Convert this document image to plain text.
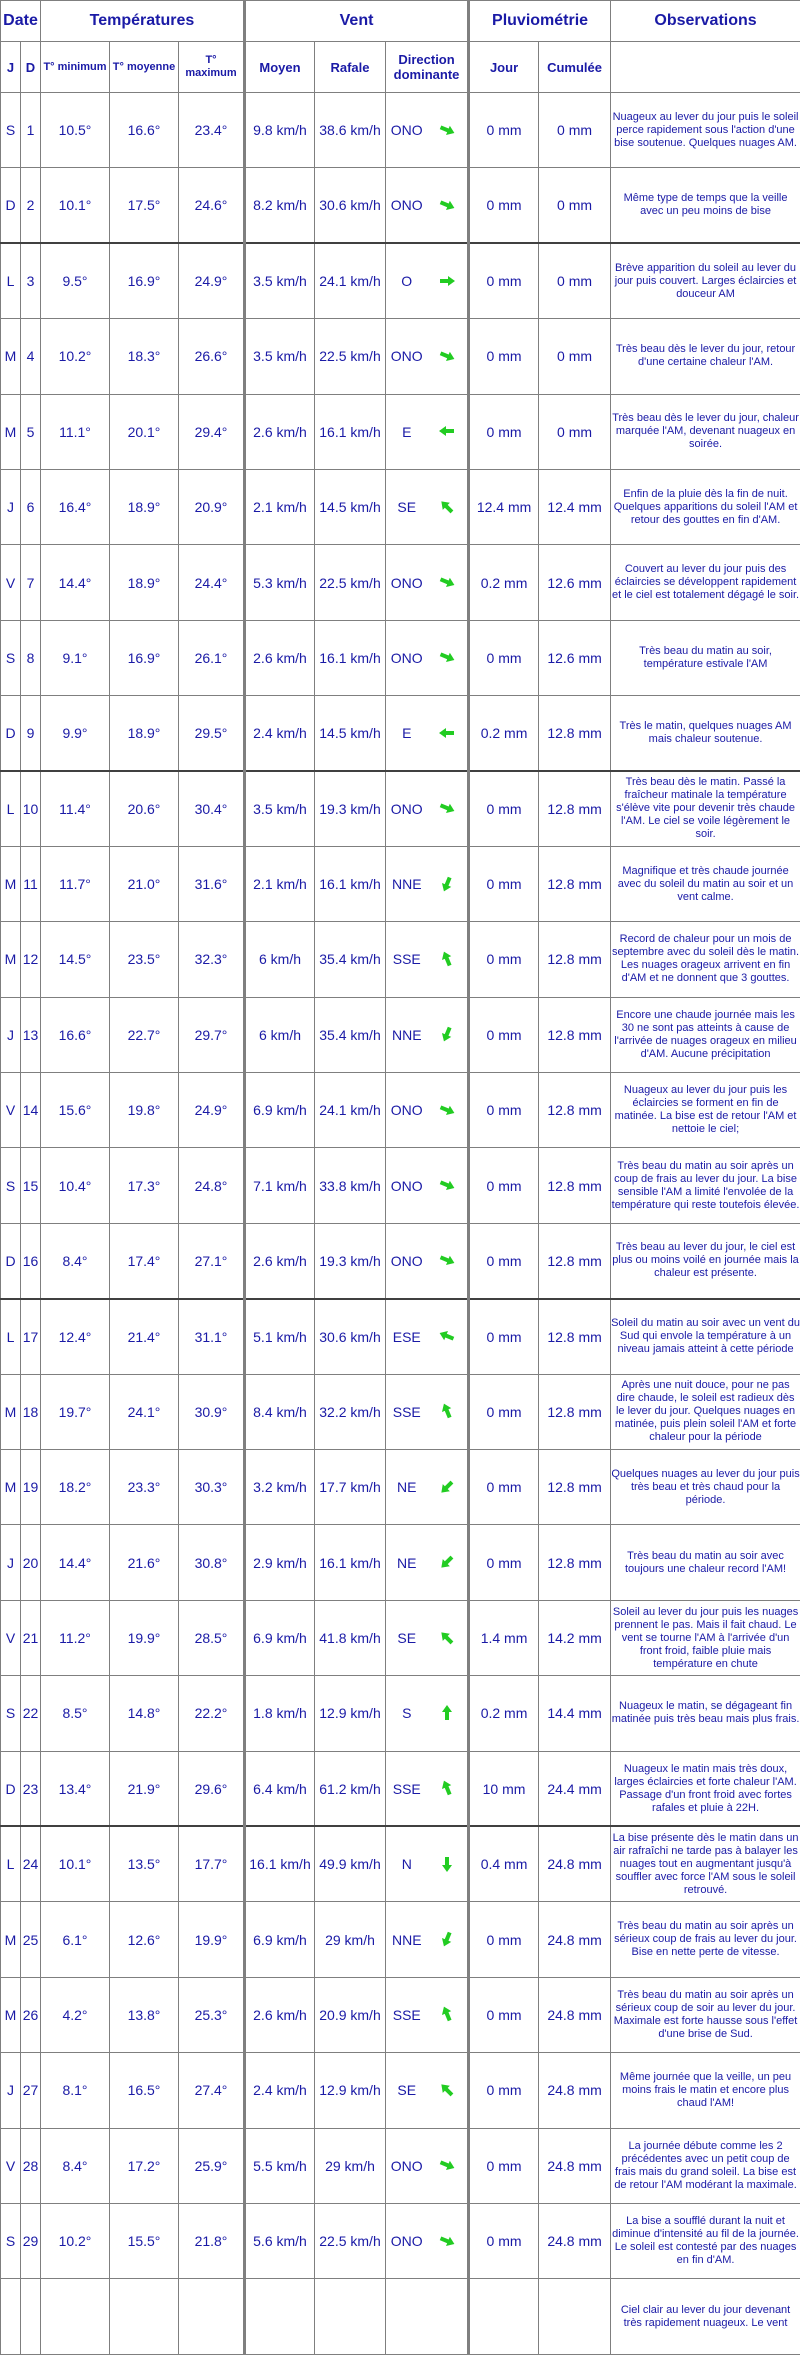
Date		Températures			Vent				Pluviométrie		Observations
J	D	T° minimum	T° moyenne	T° maximum	Moyen	Rafale	Direction dominante		Jour	Cumulée	
S	1	10.5°	16.6°	23.4°	9.8 km/h	38.6 km/h	ONO		0 mm	0 mm	Nuageux au lever du jour puis le soleil perce rapidement sous l'action d'une bise soutenue. Quelques nuages AM.
D	2	10.1°	17.5°	24.6°	8.2 km/h	30.6 km/h	ONO		0 mm	0 mm	Même type de temps que la veille avec un peu moins de bise
L	3	9.5°	16.9°	24.9°	3.5 km/h	24.1 km/h	O		0 mm	0 mm	Brève apparition du soleil au lever du jour puis couvert. Larges éclaircies et douceur AM
M	4	10.2°	18.3°	26.6°	3.5 km/h	22.5 km/h	ONO		0 mm	0 mm	Très beau dès le lever du jour, retour d'une certaine chaleur l'AM.
M	5	11.1°	20.1°	29.4°	2.6 km/h	16.1 km/h	E		0 mm	0 mm	Très beau dès le lever du jour, chaleur marquée l'AM, devenant nuageux en soirée.
J	6	16.4°	18.9°	20.9°	2.1 km/h	14.5 km/h	SE		12.4 mm	12.4 mm	Enfin de la pluie dès la fin de nuit. Quelques apparitions du soleil l'AM et retour des gouttes en fin d'AM.
V	7	14.4°	18.9°	24.4°	5.3 km/h	22.5 km/h	ONO		0.2 mm	12.6 mm	Couvert au lever du jour puis des éclaircies se développent rapidement et le ciel est totalement dégagé le soir.
S	8	9.1°	16.9°	26.1°	2.6 km/h	16.1 km/h	ONO		0 mm	12.6 mm	Très beau du matin au soir, température estivale l'AM
D	9	9.9°	18.9°	29.5°	2.4 km/h	14.5 km/h	E		0.2 mm	12.8 mm	Très le matin, quelques nuages AM mais chaleur soutenue.
L	10	11.4°	20.6°	30.4°	3.5 km/h	19.3 km/h	ONO		0 mm	12.8 mm	Très beau dès le matin. Passé la fraîcheur matinale la température s'élève vite pour devenir très chaude l'AM. Le ciel se voile légèrement le soir.
M	11	11.7°	21.0°	31.6°	2.1 km/h	16.1 km/h	NNE		0 mm	12.8 mm	Magnifique et très chaude journée avec du soleil du matin au soir et un vent calme.
M	12	14.5°	23.5°	32.3°	6 km/h	35.4 km/h	SSE		0 mm	12.8 mm	Record de chaleur pour un mois de septembre avec du soleil dès le matin. Les nuages orageux arrivent en fin d'AM et ne donnent que 3 gouttes.
J	13	16.6°	22.7°	29.7°	6 km/h	35.4 km/h	NNE		0 mm	12.8 mm	Encore une chaude journée mais les 30 ne sont pas atteints à cause de l'arrivée de nuages orageux en milieu d'AM. Aucune précipitation
V	14	15.6°	19.8°	24.9°	6.9 km/h	24.1 km/h	ONO		0 mm	12.8 mm	Nuageux au lever du jour puis les éclaircies se forment en fin de matinée. La bise est de retour l'AM et nettoie le ciel;
S	15	10.4°	17.3°	24.8°	7.1 km/h	33.8 km/h	ONO		0 mm	12.8 mm	Très beau du matin au soir après un coup de frais au lever du jour. La bise sensible l'AM a limité l'envolée de la température qui reste toutefois élevée.
D	16	8.4°	17.4°	27.1°	2.6 km/h	19.3 km/h	ONO		0 mm	12.8 mm	Très beau au lever du jour, le ciel est plus ou moins voilé en journée mais la chaleur est présente.
L	17	12.4°	21.4°	31.1°	5.1 km/h	30.6 km/h	ESE		0 mm	12.8 mm	Soleil du matin au soir avec un vent du Sud qui envole la température à un niveau jamais atteint à cette période
M	18	19.7°	24.1°	30.9°	8.4 km/h	32.2 km/h	SSE		0 mm	12.8 mm	Après une nuit douce, pour ne pas dire chaude, le soleil est radieux dès le lever du jour. Quelques nuages en matinée, puis plein soleil l'AM et forte chaleur pour la période
M	19	18.2°	23.3°	30.3°	3.2 km/h	17.7 km/h	NE		0 mm	12.8 mm	Quelques nuages au lever du jour puis très beau et très chaud pour la période.
J	20	14.4°	21.6°	30.8°	2.9 km/h	16.1 km/h	NE		0 mm	12.8 mm	Très beau du matin au soir avec toujours une chaleur record l'AM!
V	21	11.2°	19.9°	28.5°	6.9 km/h	41.8 km/h	SE		1.4 mm	14.2 mm	Soleil au lever du jour puis les nuages prennent le pas. Mais il fait chaud. Le vent se tourne l'AM à l'arrivée d'un front froid, faible pluie mais température en chute
S	22	8.5°	14.8°	22.2°	1.8 km/h	12.9 km/h	S		0.2 mm	14.4 mm	Nuageux le matin, se dégageant fin matinée puis très beau mais plus frais.
D	23	13.4°	21.9°	29.6°	6.4 km/h	61.2 km/h	SSE		10 mm	24.4 mm	Nuageux le matin mais très doux, larges éclaircies et forte chaleur l'AM. Passage d'un front froid avec fortes rafales et pluie à 22H.
L	24	10.1°	13.5°	17.7°	16.1 km/h	49.9 km/h	N		0.4 mm	24.8 mm	La bise présente dès le matin dans un air rafraîchi ne tarde pas à balayer les nuages tout en augmentant jusqu'à souffler avec force l'AM sous le soleil retrouvé.
M	25	6.1°	12.6°	19.9°	6.9 km/h	29 km/h	NNE		0 mm	24.8 mm	Très beau du matin au soir après un sérieux coup de frais au lever du jour. Bise en nette perte de vitesse.
M	26	4.2°	13.8°	25.3°	2.6 km/h	20.9 km/h	SSE		0 mm	24.8 mm	Très beau du matin au soir après un sérieux coup de soir au lever du jour. Maximale est forte hausse sous l'effet d'une brise de Sud.
J	27	8.1°	16.5°	27.4°	2.4 km/h	12.9 km/h	SE		0 mm	24.8 mm	Même journée que la veille, un peu moins frais le matin et encore plus chaud l'AM!
V	28	8.4°	17.2°	25.9°	5.5 km/h	29 km/h	ONO		0 mm	24.8 mm	La journée débute comme les 2 précédentes avec un petit coup de frais mais du grand soleil. La bise est de retour l'AM modérant la maximale.
S	29	10.2°	15.5°	21.8°	5.6 km/h	22.5 km/h	ONO		0 mm	24.8 mm	La bise a soufflé durant la nuit et diminue d'intensité au fil de la journée. Le soleil est contesté par des nuages en fin d'AM.
											Ciel clair au lever du jour devenant très rapidement nuageux. Le vent
